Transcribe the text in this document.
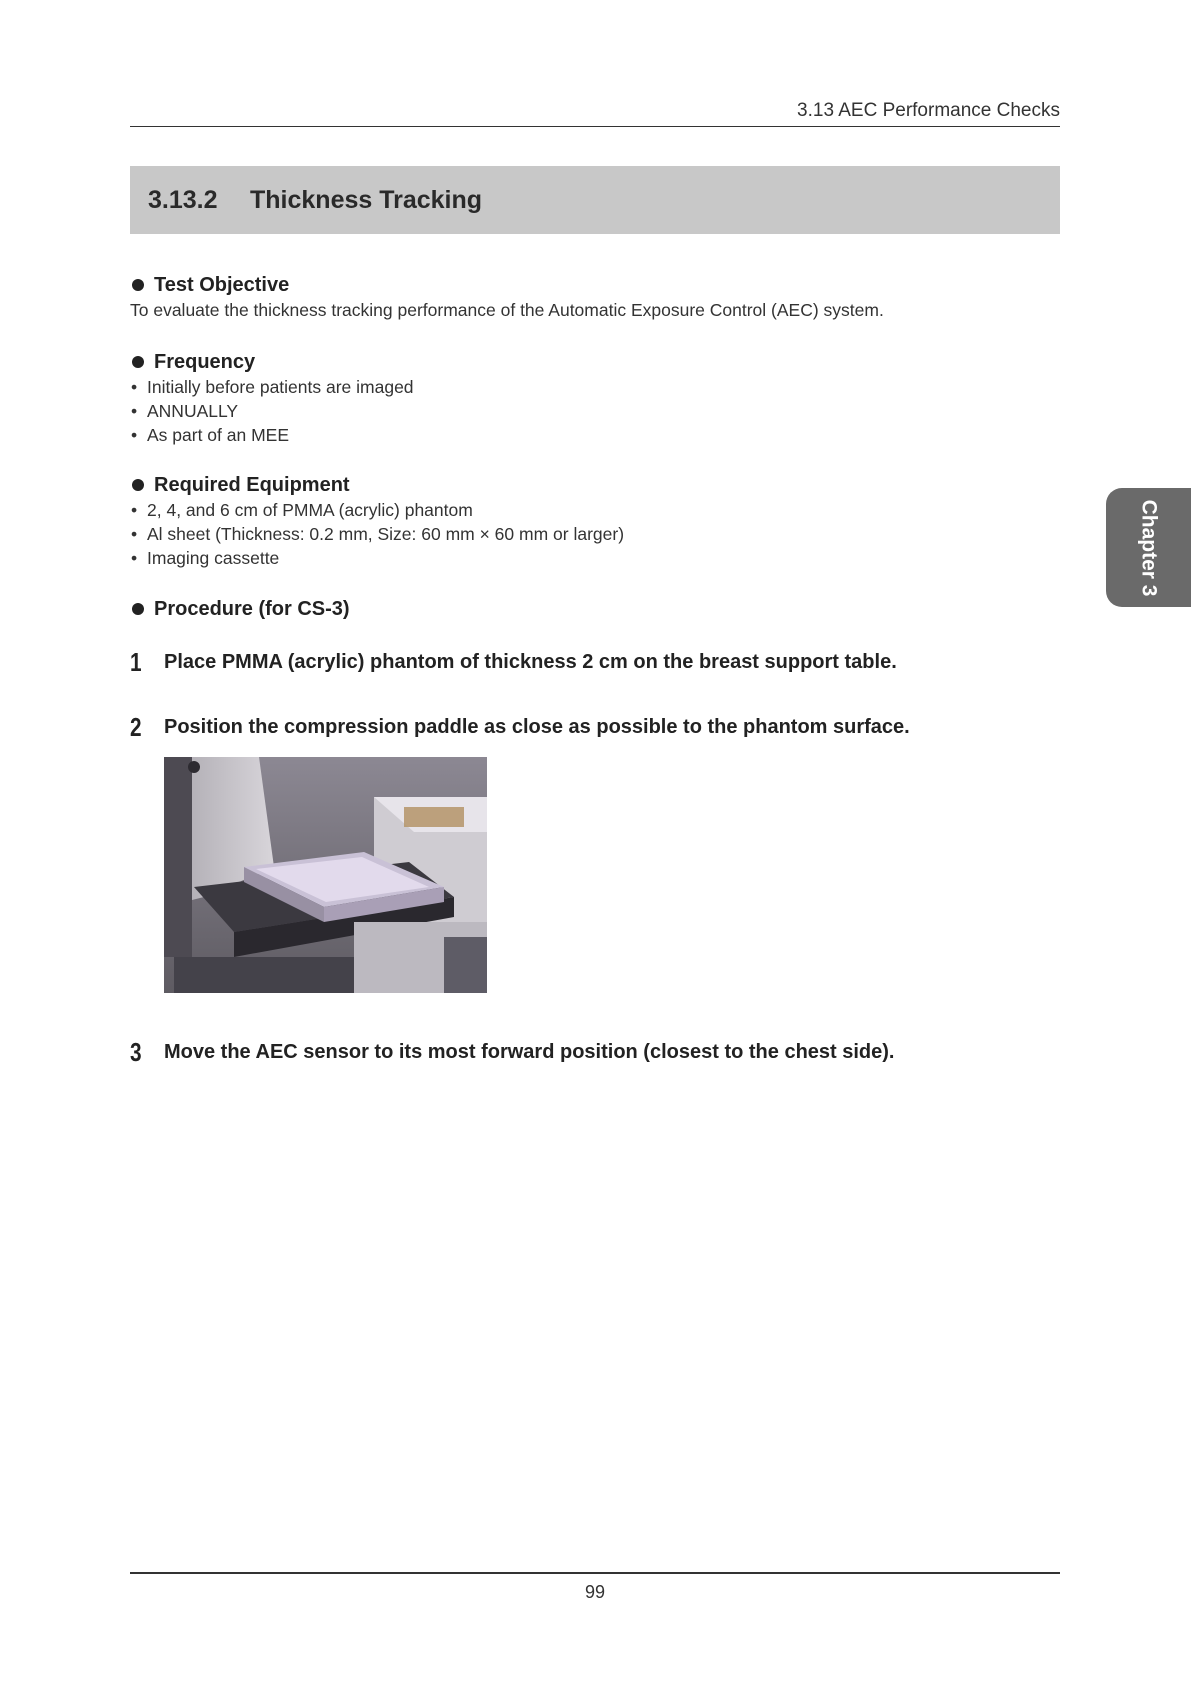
3.13 AEC Performance Checks
3.13.2	Thickness Tracking
Test Objective
To evaluate the thickness tracking performance of the Automatic Exposure Control (AEC) system.
Frequency
• Initially before patients are imaged
• ANNUALLY
• As part of an MEE
Required Equipment
• 2, 4, and 6 cm of PMMA (acrylic) phantom
• Al sheet (Thickness: 0.2 mm, Size: 60 mm × 60 mm or larger)
• Imaging cassette
Procedure (for CS-3)
1	Place PMMA (acrylic) phantom of thickness 2 cm on the breast support table.
2	Position the compression paddle as close as possible to the phantom surface.
3	Move the AEC sensor to its most forward position (closest to the chest side).
Chapter 3
99
